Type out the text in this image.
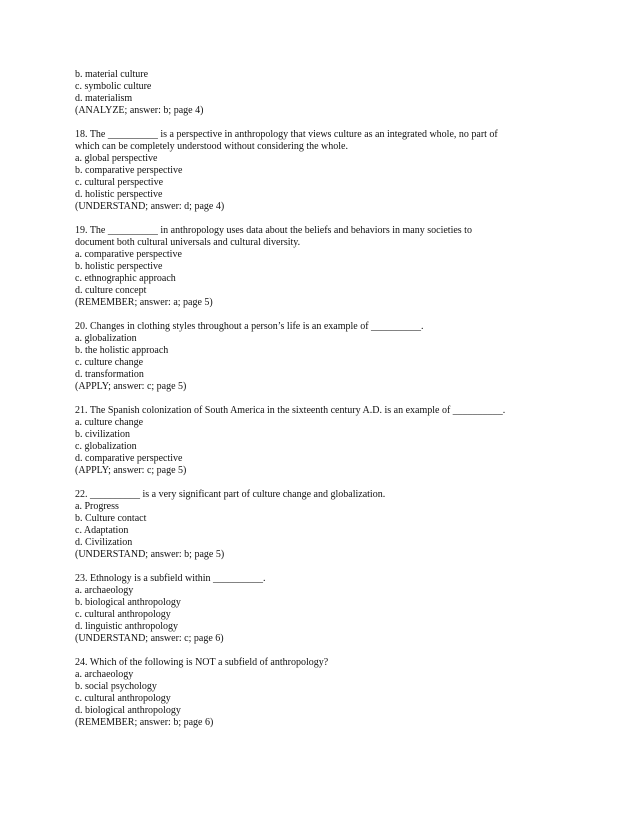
b. material culture
c. symbolic culture
d. materialism
(ANALYZE; answer: b; page 4)
18. The __________ is a perspective in anthropology that views culture as an integrated whole, no part of
which can be completely understood without considering the whole.
a. global perspective
b. comparative perspective
c. cultural perspective
d. holistic perspective
(UNDERSTAND; answer: d; page 4)
19. The __________ in anthropology uses data about the beliefs and behaviors in many societies to
document both cultural universals and cultural diversity.
a. comparative perspective
b. holistic perspective
c. ethnographic approach
d. culture concept
(REMEMBER; answer: a; page 5)
20. Changes in clothing styles throughout a person’s life is an example of __________.
a. globalization
b. the holistic approach
c. culture change
d. transformation
(APPLY; answer: c; page 5)
21. The Spanish colonization of South America in the sixteenth century A.D. is an example of __________.
a. culture change
b. civilization
c. globalization
d. comparative perspective
(APPLY; answer: c; page 5)
22. __________ is a very significant part of culture change and globalization.
a. Progress
b. Culture contact
c. Adaptation
d. Civilization
(UNDERSTAND; answer: b; page 5)
23. Ethnology is a subfield within __________.
a. archaeology
b. biological anthropology
c. cultural anthropology
d. linguistic anthropology
(UNDERSTAND; answer: c; page 6)
24. Which of the following is NOT a subfield of anthropology?
a. archaeology
b. social psychology
c. cultural anthropology
d. biological anthropology
(REMEMBER; answer: b; page 6)
